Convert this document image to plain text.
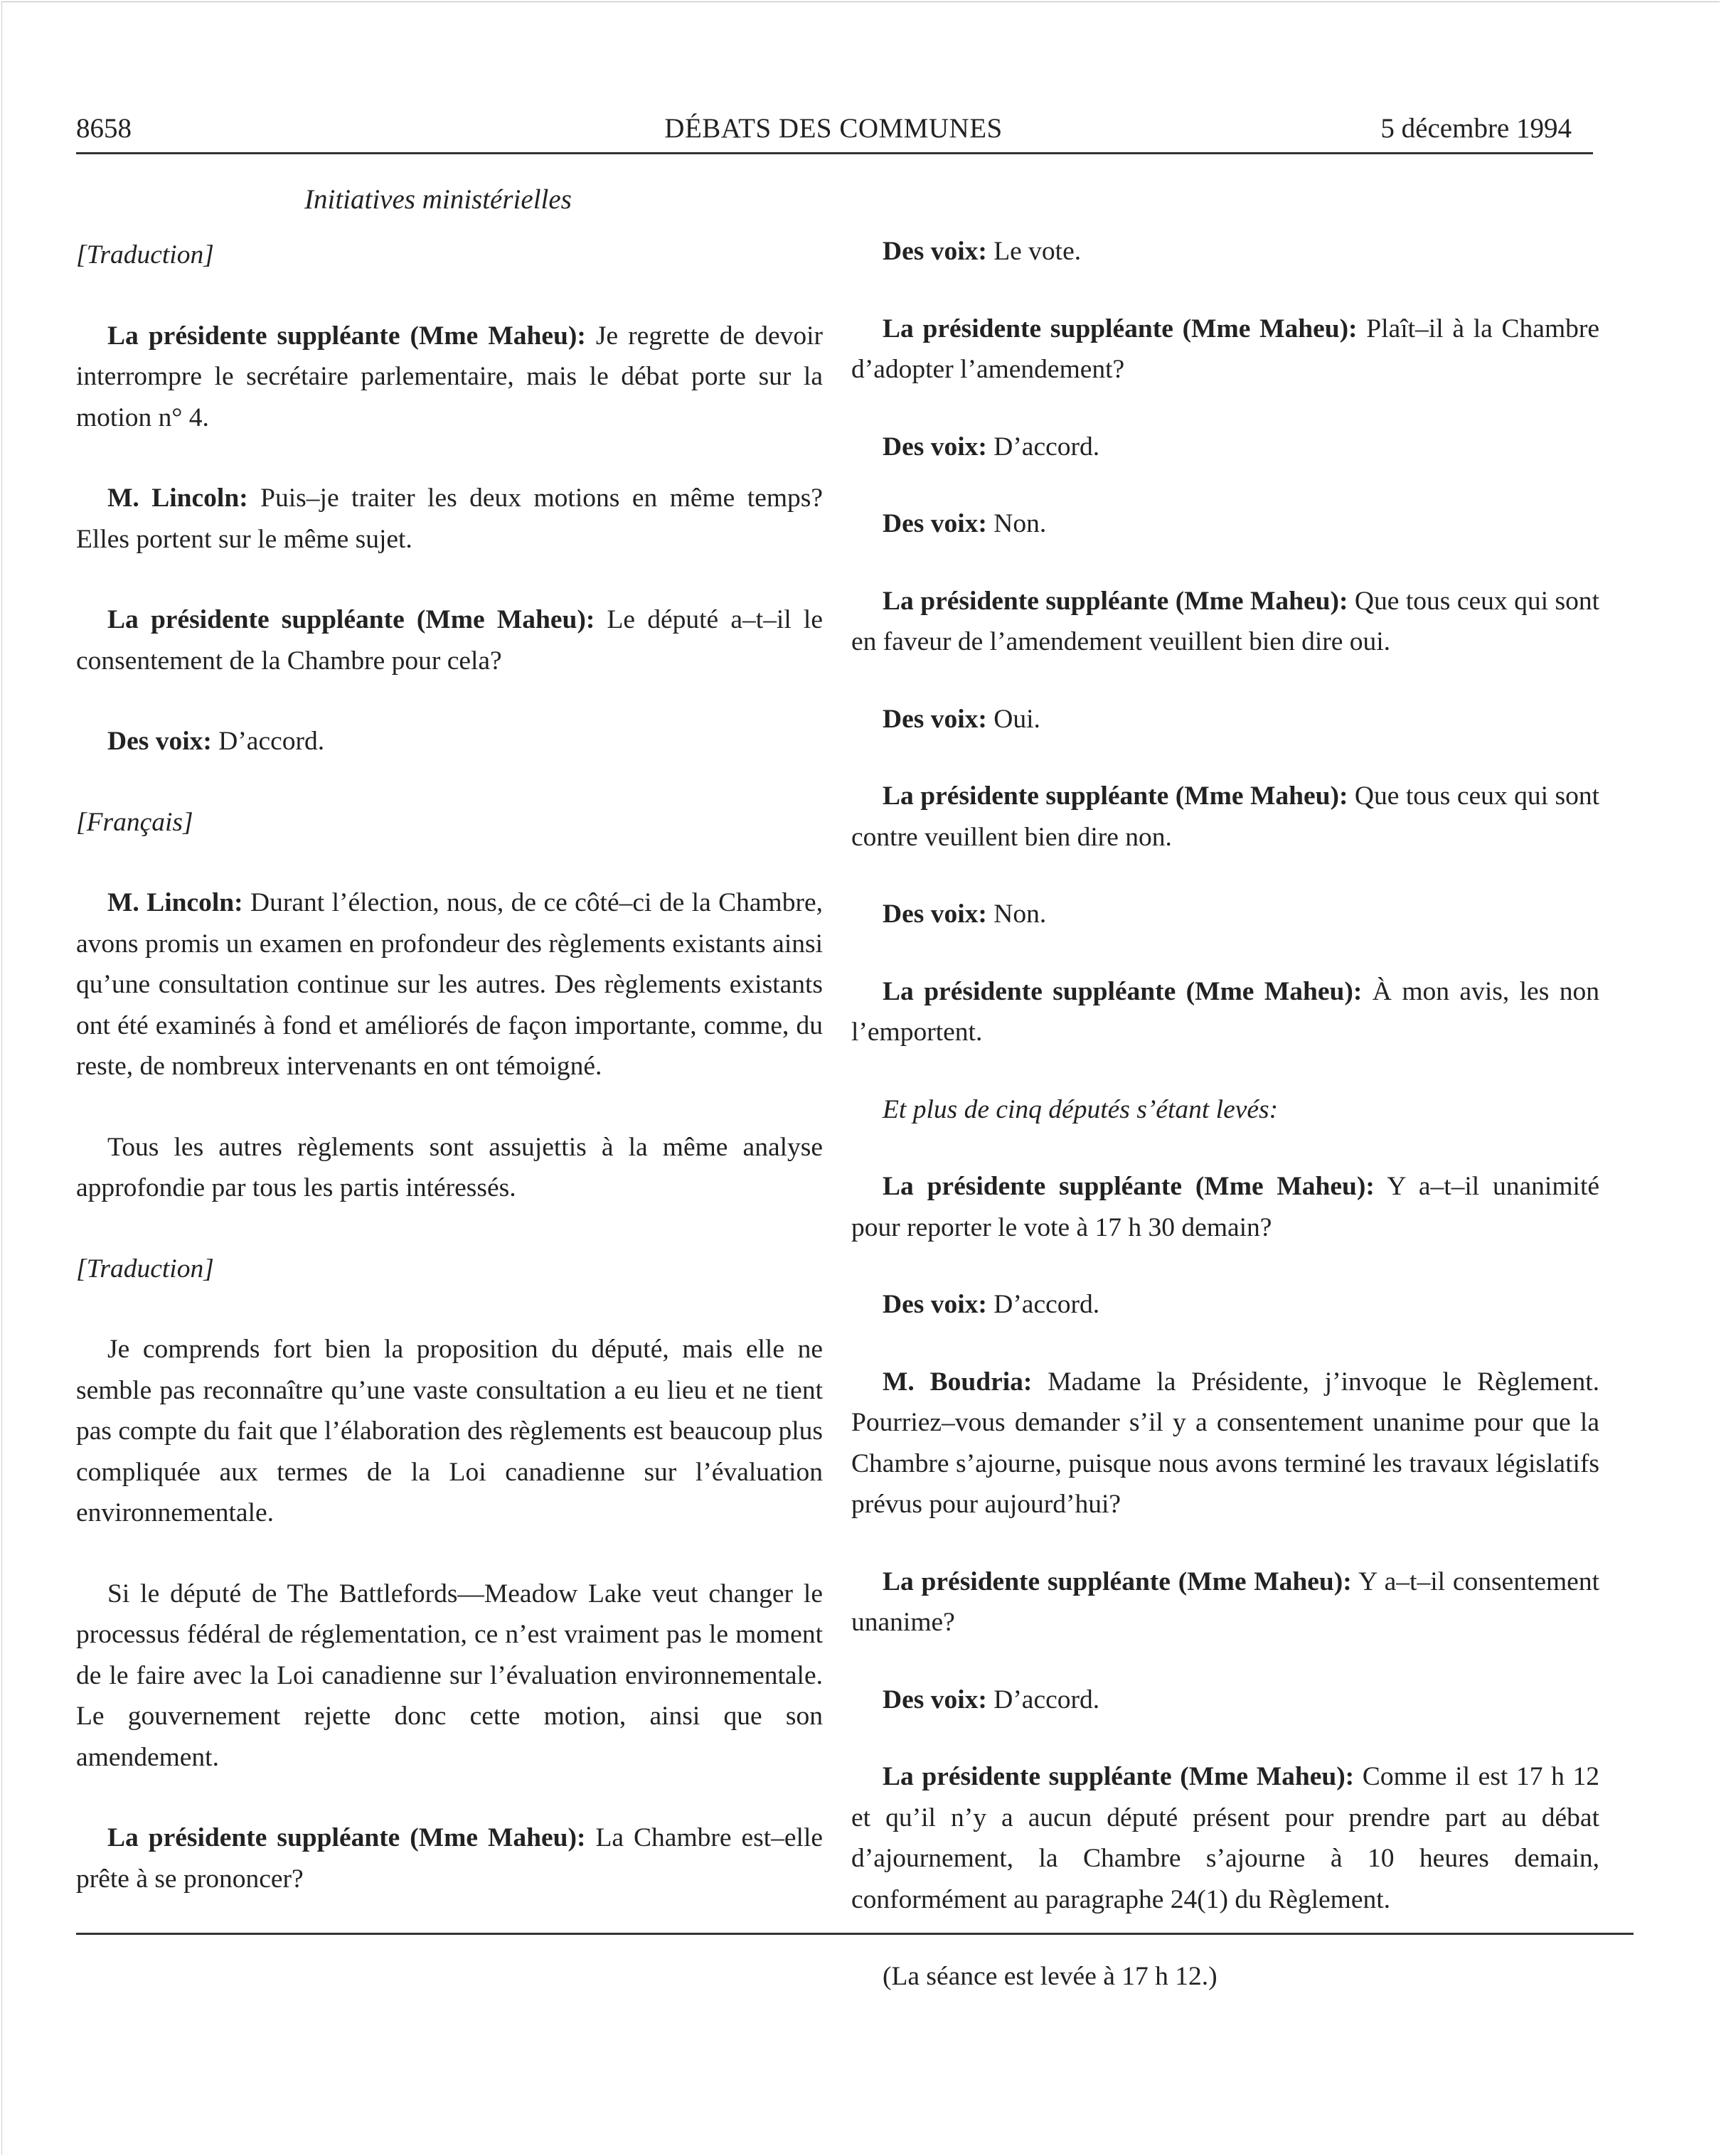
8658	DÉBATS DES COMMUNES	5 décembre 1994
Initiatives ministérielles

[Traduction]

La présidente suppléante (Mme Maheu): Je regrette de devoir interrompre le secrétaire parlementaire, mais le débat porte sur la motion n° 4.

M. Lincoln: Puis–je traiter les deux motions en même temps? Elles portent sur le même sujet.

La présidente suppléante (Mme Maheu): Le député a–t–il le consentement de la Chambre pour cela?

Des voix: D’accord.

[Français]

M. Lincoln: Durant l’élection, nous, de ce côté–ci de la Chambre, avons promis un examen en profondeur des règlements existants ainsi qu’une consultation continue sur les autres. Des règlements existants ont été examinés à fond et améliorés de façon importante, comme, du reste, de nombreux intervenants en ont témoigné.

Tous les autres règlements sont assujettis à la même analyse approfondie par tous les partis intéressés.

[Traduction]

Je comprends fort bien la proposition du député, mais elle ne semble pas reconnaître qu’une vaste consultation a eu lieu et ne tient pas compte du fait que l’élaboration des règlements est beaucoup plus compliquée aux termes de la Loi canadienne sur l’évaluation environnementale.

Si le député de The Battlefords—Meadow Lake veut changer le processus fédéral de réglementation, ce n’est vraiment pas le moment de le faire avec la Loi canadienne sur l’évaluation environnementale. Le gouvernement rejette donc cette motion, ainsi que son amendement.

La présidente suppléante (Mme Maheu): La Chambre est–elle prête à se prononcer?

Des voix: Le vote.

La présidente suppléante (Mme Maheu): Plaît–il à la Chambre d’adopter l’amendement?

Des voix: D’accord.

Des voix: Non.

La présidente suppléante (Mme Maheu): Que tous ceux qui sont en faveur de l’amendement veuillent bien dire oui.

Des voix: Oui.

La présidente suppléante (Mme Maheu): Que tous ceux qui sont contre veuillent bien dire non.

Des voix: Non.

La présidente suppléante (Mme Maheu): À mon avis, les non l’emportent.

Et plus de cinq députés s’étant levés:

La présidente suppléante (Mme Maheu): Y a–t–il unanimité pour reporter le vote à 17 h 30 demain?

Des voix: D’accord.

M. Boudria: Madame la Présidente, j’invoque le Règlement. Pourriez–vous demander s’il y a consentement unanime pour que la Chambre s’ajourne, puisque nous avons terminé les travaux législatifs prévus pour aujourd’hui?

La présidente suppléante (Mme Maheu): Y a–t–il consentement unanime?

Des voix: D’accord.

La présidente suppléante (Mme Maheu): Comme il est 17 h 12 et qu’il n’y a aucun député présent pour prendre part au débat d’ajournement, la Chambre s’ajourne à 10 heures demain, conformément au paragraphe 24(1) du Règlement.

(La séance est levée à 17 h 12.)
